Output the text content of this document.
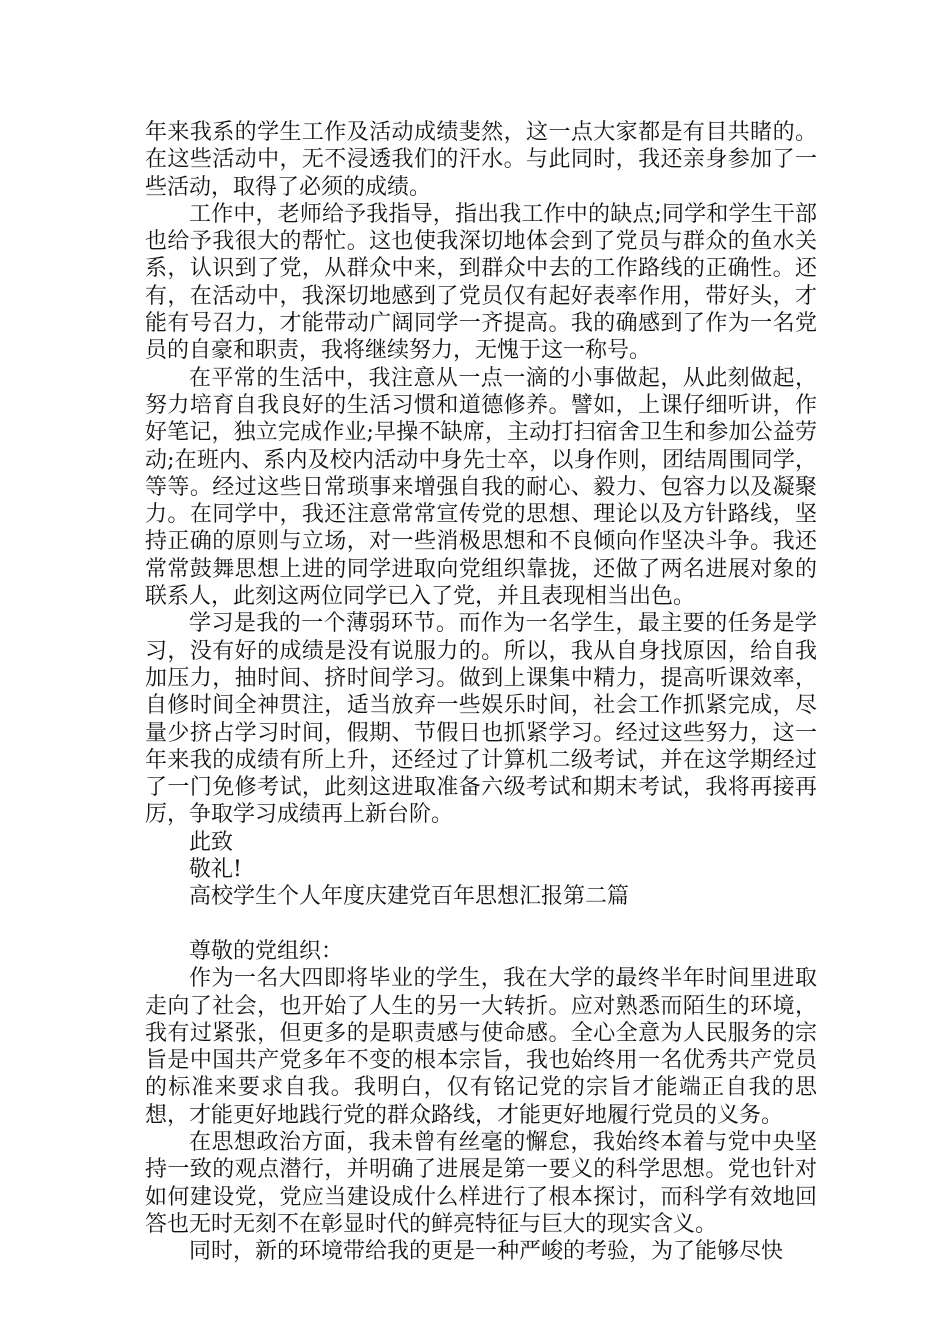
年来我系的学生工作及活动成绩斐然，这一点大家都是有目共睹的。在这些活动中，无不浸透我们的汗水。与此同时，我还亲身参加了一些活动，取得了必须的成绩。

工作中，老师给予我指导，指出我工作中的缺点;同学和学生干部也给予我很大的帮忙。这也使我深切地体会到了党员与群众的鱼水关系，认识到了党，从群众中来，到群众中去的工作路线的正确性。还有，在活动中，我深切地感到了党员仅有起好表率作用，带好头，才能有号召力，才能带动广阔同学一齐提高。我的确感到了作为一名党员的自豪和职责，我将继续努力，无愧于这一称号。

在平常的生活中，我注意从一点一滴的小事做起，从此刻做起，努力培育自我良好的生活习惯和道德修养。譬如，上课仔细听讲，作好笔记，独立完成作业;早操不缺席，主动打扫宿舍卫生和参加公益劳动;在班内、系内及校内活动中身先士卒，以身作则，团结周围同学，等等。经过这些日常琐事来增强自我的耐心、毅力、包容力以及凝聚力。在同学中，我还注意常常宣传党的思想、理论以及方针路线，坚持正确的原则与立场，对一些消极思想和不良倾向作坚决斗争。我还常常鼓舞思想上进的同学进取向党组织靠拢，还做了两名进展对象的联系人，此刻这两位同学已入了党，并且表现相当出色。

学习是我的一个薄弱环节。而作为一名学生，最主要的任务是学习，没有好的成绩是没有说服力的。所以，我从自身找原因，给自我加压力，抽时间、挤时间学习。做到上课集中精力，提高听课效率，自修时间全神贯注，适当放弃一些娱乐时间，社会工作抓紧完成，尽量少挤占学习时间，假期、节假日也抓紧学习。经过这些努力，这一年来我的成绩有所上升，还经过了计算机二级考试，并在这学期经过了一门免修考试，此刻这进取准备六级考试和期末考试，我将再接再厉，争取学习成绩再上新台阶。

此致

敬礼!

高校学生个人年度庆建党百年思想汇报第二篇

尊敬的党组织：

作为一名大四即将毕业的学生，我在大学的最终半年时间里进取走向了社会，也开始了人生的另一大转折。应对熟悉而陌生的环境，我有过紧张，但更多的是职责感与使命感。全心全意为人民服务的宗旨是中国共产党多年不变的根本宗旨，我也始终用一名优秀共产党员的标准来要求自我。我明白，仅有铭记党的宗旨才能端正自我的思想，才能更好地践行党的群众路线，才能更好地履行党员的义务。

在思想政治方面，我未曾有丝毫的懈怠，我始终本着与党中央坚持一致的观点潜行，并明确了进展是第一要义的科学思想。党也针对如何建设党，党应当建设成什么样进行了根本探讨，而科学有效地回答也无时无刻不在彰显时代的鲜亮特征与巨大的现实含义。

同时，新的环境带给我的更是一种严峻的考验，为了能够尽快
